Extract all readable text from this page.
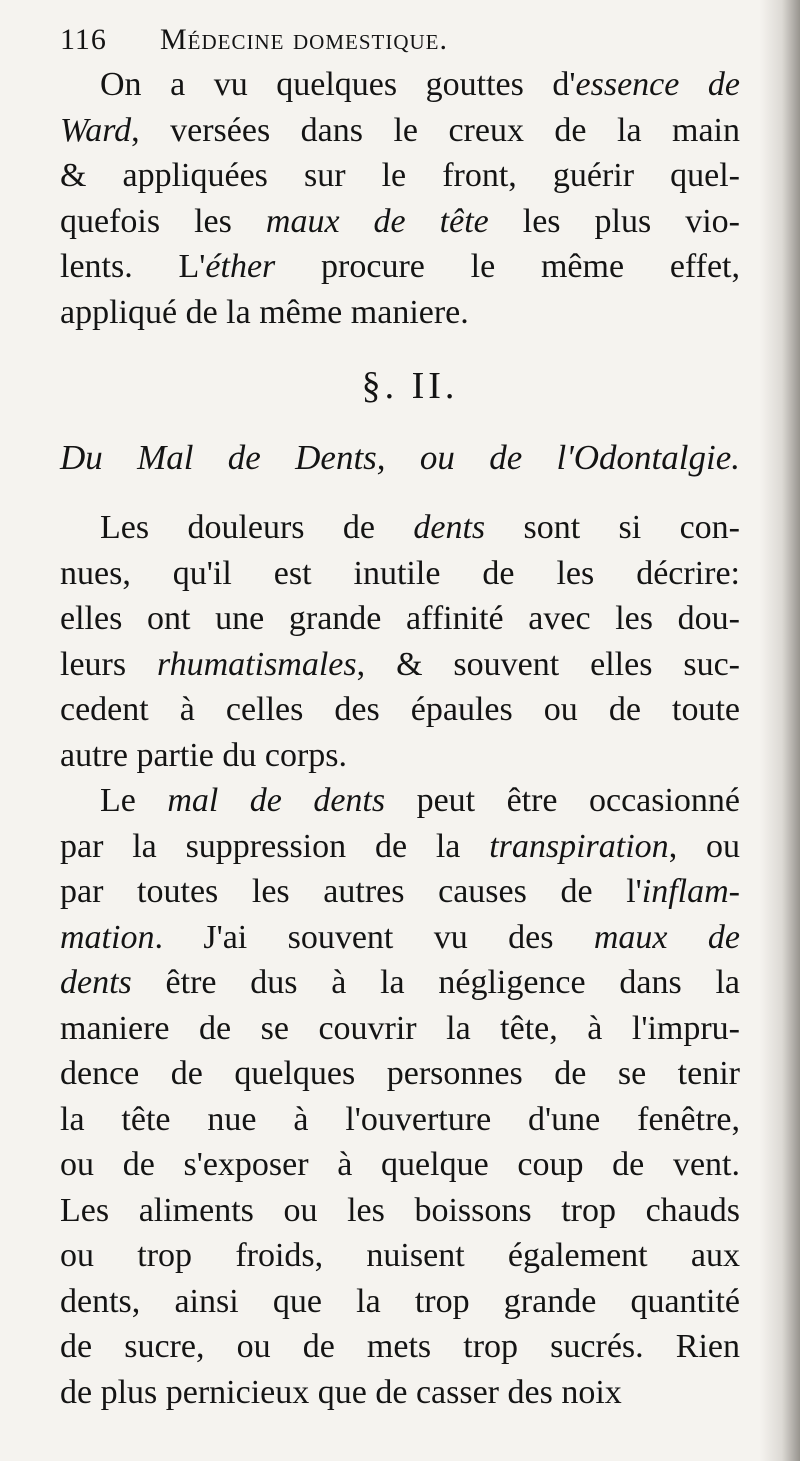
116 Médecine domestique.
On a vu quelques gouttes d'essence de
Ward, versées dans le creux de la main
& appliquées sur le front, guérir quel-
quefois les maux de tête les plus vio-
lents. L'éther procure le même effet,
appliqué de la même maniere.
§. II.
Du Mal de Dents, ou de l'Odontalgie.
Les douleurs de dents sont si con-
nues, qu'il est inutile de les décrire:
elles ont une grande affinité avec les dou-
leurs rhumatismales, & souvent elles suc-
cedent à celles des épaules ou de toute
autre partie du corps.
Le mal de dents peut être occasionné
par la suppression de la transpiration, ou
par toutes les autres causes de l'inflam-
mation. J'ai souvent vu des maux de
dents être dus à la négligence dans la
maniere de se couvrir la tête, à l'impru-
dence de quelques personnes de se tenir
la tête nue à l'ouverture d'une fenêtre,
ou de s'exposer à quelque coup de vent.
Les aliments ou les boissons trop chauds
ou trop froids, nuisent également aux
dents, ainsi que la trop grande quantité
de sucre, ou de mets trop sucrés. Rien
de plus pernicieux que de casser des noix
